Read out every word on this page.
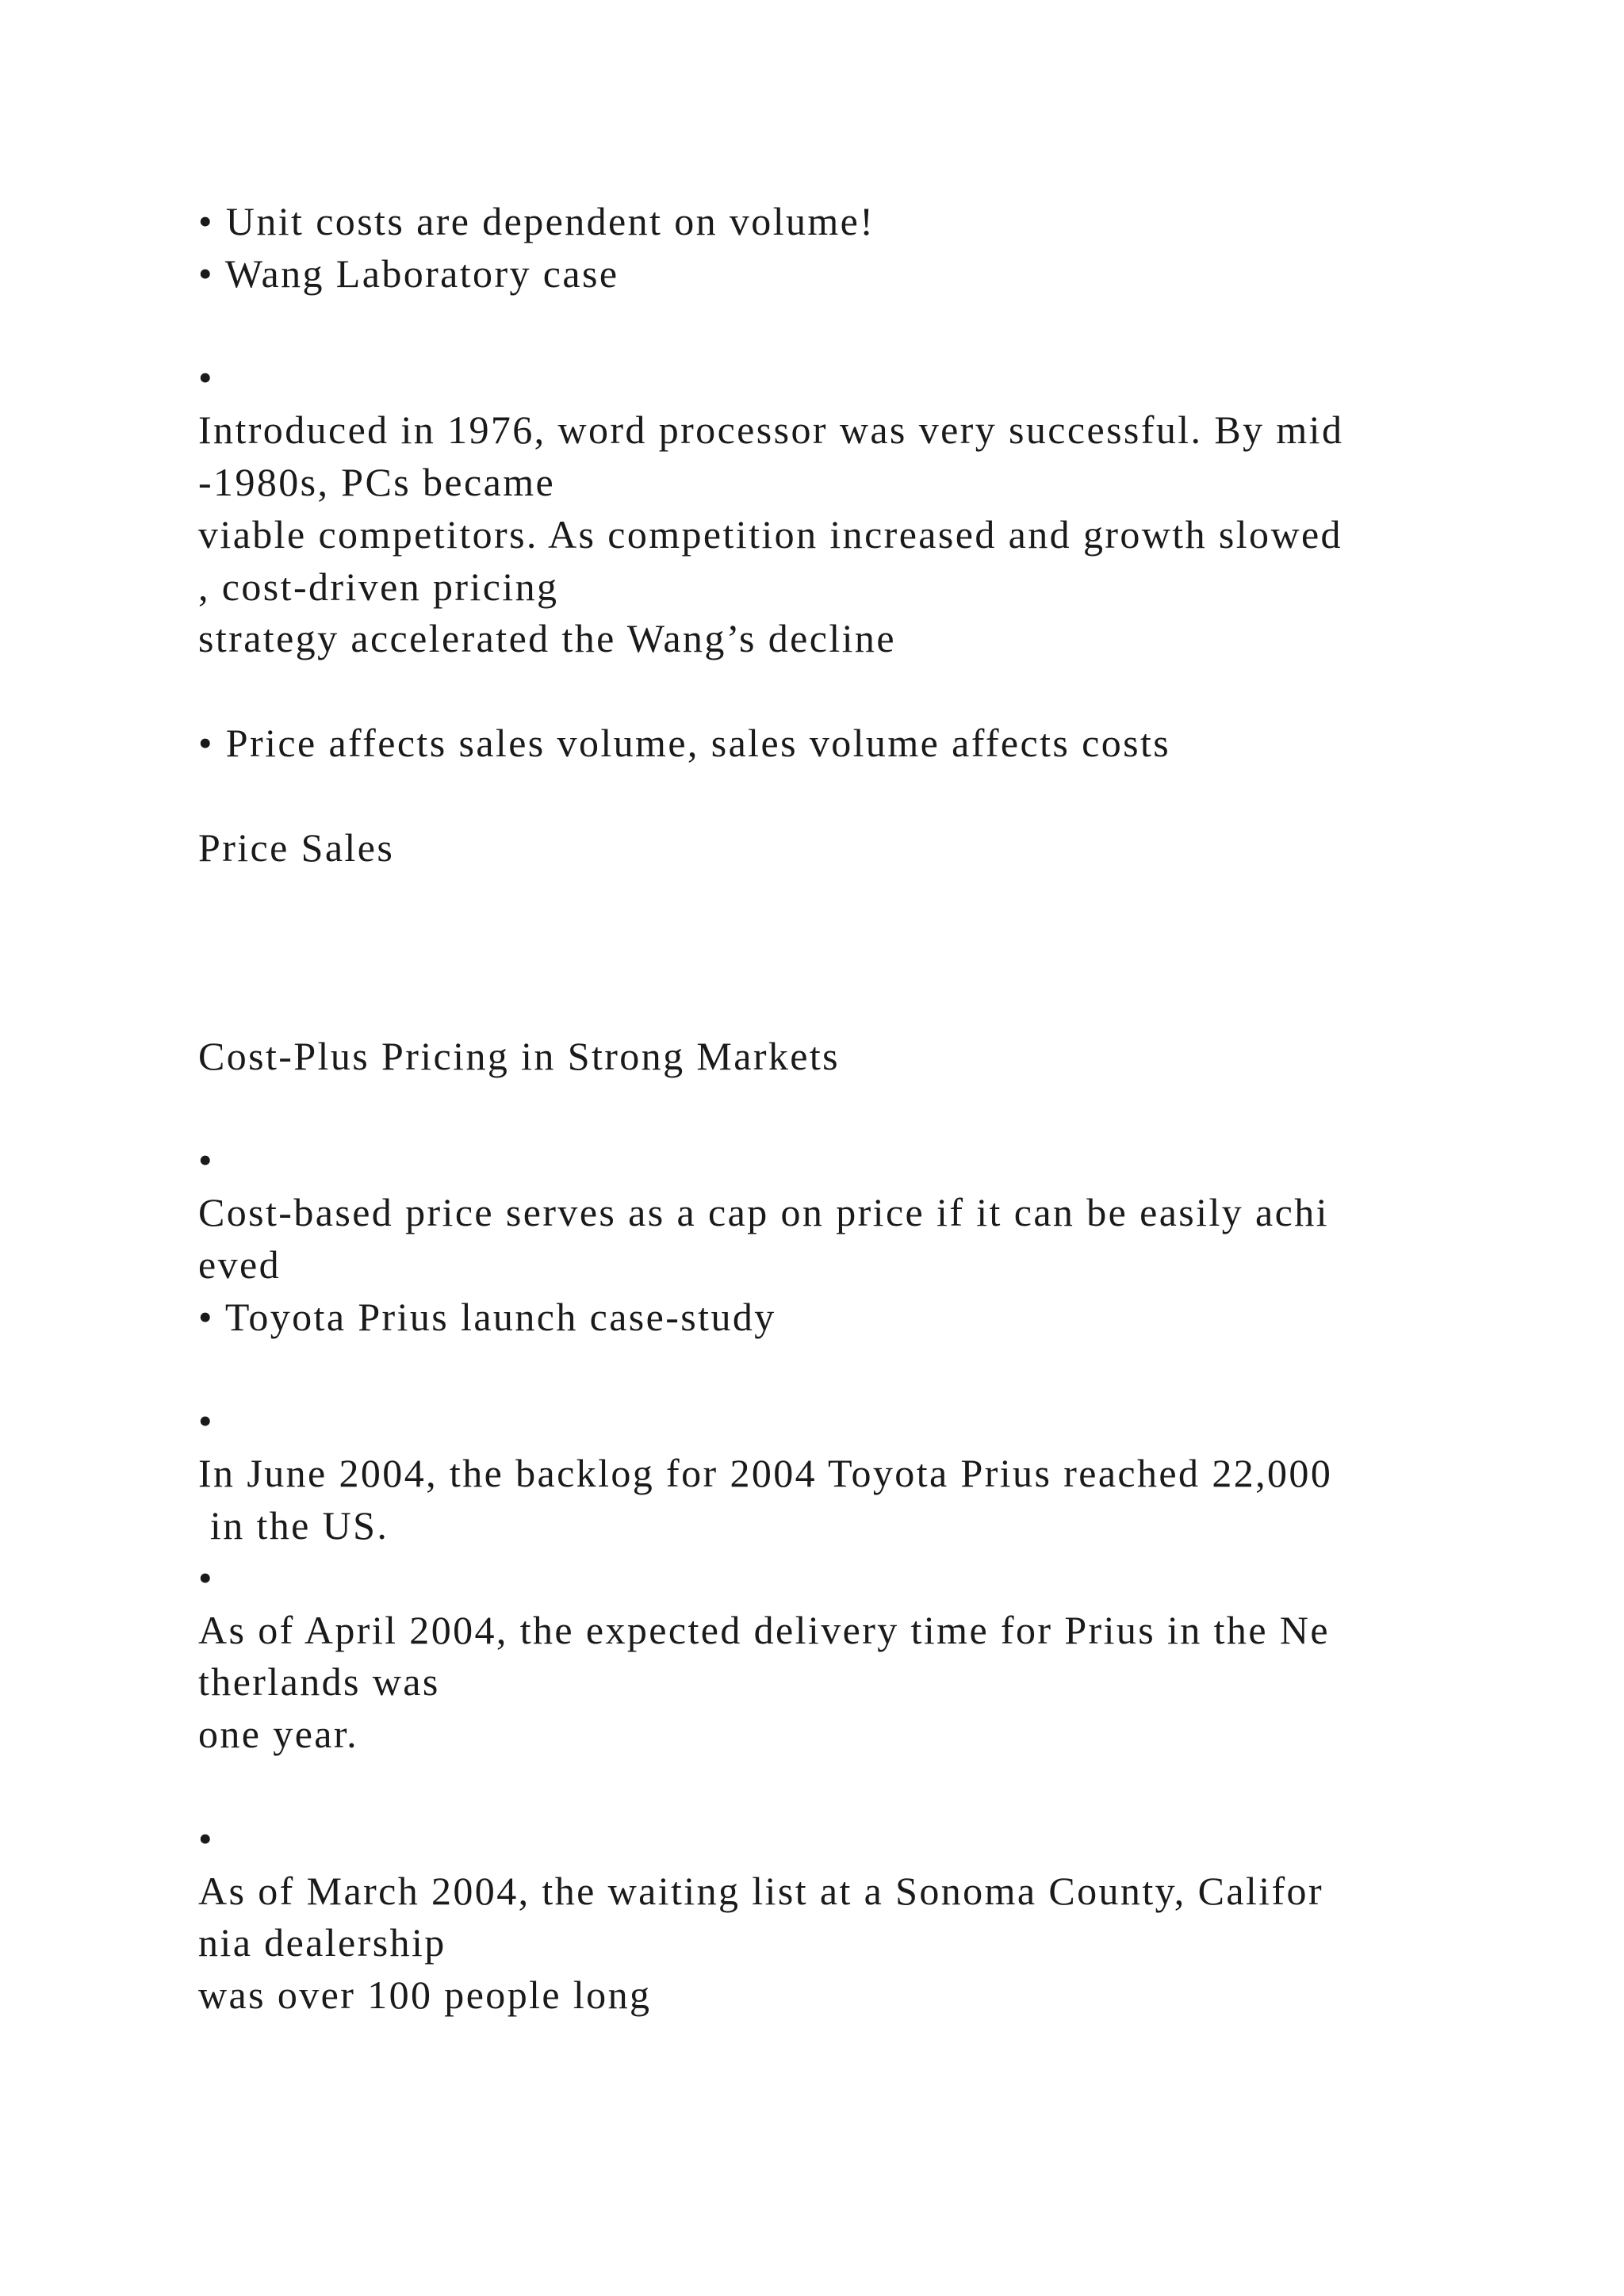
• Unit costs are dependent on volume!
• Wang Laboratory case
•
Introduced in 1976, word processor was very successful. By mid
-1980s, PCs became
viable competitors. As competition increased and growth slowed
, cost-driven pricing
strategy accelerated the Wang’s decline
• Price affects sales volume, sales volume affects costs
Price Sales
Cost-Plus Pricing in Strong Markets
•
Cost-based price serves as a cap on price if it can be easily achi
eved
• Toyota Prius launch case-study
•
In June 2004, the backlog for 2004 Toyota Prius reached 22,000
in the US.
•
As of April 2004, the expected delivery time for Prius in the Ne
therlands was
one year.
•
As of March 2004, the waiting list at a Sonoma County, Califor
nia dealership
was over 100 people long
